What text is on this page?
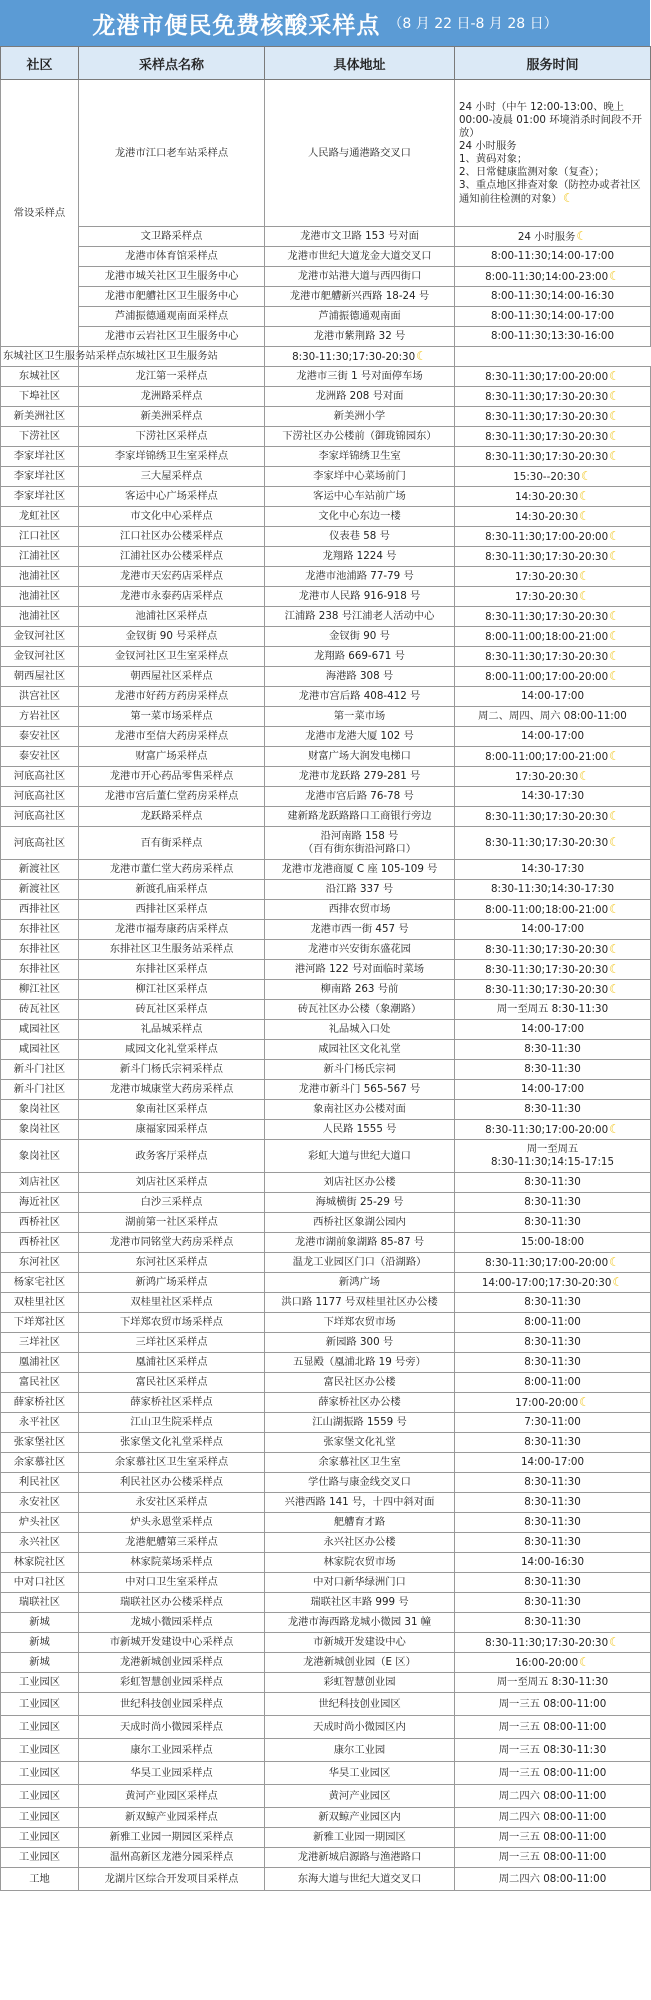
龙港市便民免费核酸采样点 （8 月 22 日-8 月 28 日）
社区	采样点名称	具体地址	服务时间
常设采样点	龙港市江口老车站采样点	人民路与通港路交叉口	24 小时（中午 12:00-13:00、晚上 00:00-凌晨 01:00 环境消杀时间段不开放）
24 小时服务
1、黄码对象；
2、日常健康监测对象（复查）；
3、重点地区排查对象（防控办或者社区通知前往检测的对象）☾
	文卫路采样点	龙港市文卫路 153 号对面	24 小时服务☾
	龙港市体育馆采样点	龙港市世纪大道龙金大道交叉口	8:00-11:30;14:00-17:00
	龙港市城关社区卫生服务中心	龙港市站港大道与西四街口	8:00-11:30;14:00-23:00☾
	龙港市舥艚社区卫生服务中心	龙港市舥艚新兴西路 18-24 号	8:00-11:30;14:00-16:30
	芦浦振德通观南面采样点	芦浦振德通观南面	8:00-11:30;14:00-17:00
	龙港市云岩社区卫生服务中心	龙港市紫荆路 32 号	8:00-11:30;13:30-16:00
东城社区卫生服务站采样点	东城社区卫生服务站	8:30-11:30;17:30-20:30☾	
东城社区	龙江第一采样点	龙港市三街 1 号对面停车场	8:30-11:30;17:00-20:00☾
下埠社区	龙洲路采样点	龙洲路 208 号对面	8:30-11:30;17:30-20:30☾
新美洲社区	新美洲采样点	新美洲小学	8:30-11:30;17:30-20:30☾
下涝社区	下涝社区采样点	下涝社区办公楼前（御珑锦园东）	8:30-11:30;17:30-20:30☾
李家垟社区	李家垟锦绣卫生室采样点	李家垟锦绣卫生室	8:30-11:30;17:30-20:30☾
李家垟社区	三大屋采样点	李家垟中心菜场前门	15:30--20:30☾
李家垟社区	客运中心广场采样点	客运中心车站前广场	14:30-20:30☾
龙虹社区	市文化中心采样点	文化中心东边一楼	14:30-20:30☾
江口社区	江口社区办公楼采样点	仪表巷 58 号	8:30-11:30;17:00-20:00☾
江浦社区	江浦社区办公楼采样点	龙翔路 1224 号	8:30-11:30;17:30-20:30☾
池浦社区	龙港市天宏药店采样点	龙港市池浦路 77-79 号	17:30-20:30☾
池浦社区	龙港市永泰药店采样点	龙港市人民路 916-918 号	17:30-20:30☾
池浦社区	池浦社区采样点	江浦路 238 号江浦老人活动中心	8:30-11:30;17:30-20:30☾
金钗河社区	金钗街 90 号采样点	金钗街 90 号	8:00-11:00;18:00-21:00☾
金钗河社区	金钗河社区卫生室采样点	龙翔路 669-671 号	8:30-11:30;17:30-20:30☾
朝西屋社区	朝西屋社区采样点	海港路 308 号	8:00-11:00;17:00-20:00☾
洪宫社区	龙港市好药方药房采样点	龙港市宫后路 408-412 号	14:00-17:00
方岩社区	第一菜市场采样点	第一菜市场	周二、周四、周六 08:00-11:00
泰安社区	龙港市至信大药房采样点	龙港市龙港大厦 102 号	14:00-17:00
泰安社区	财富广场采样点	财富广场大润发电梯口	8:00-11:00;17:00-21:00☾
河底高社区	龙港市开心药品零售采样点	龙港市龙跃路 279-281 号	17:30-20:30☾
河底高社区	龙港市宫后董仁堂药房采样点	龙港市宫后路 76-78 号	14:30-17:30
河底高社区	龙跃路采样点	建新路龙跃路路口工商银行旁边	8:30-11:30;17:30-20:30☾
河底高社区	百有街采样点	沿河南路 158 号
（百有街东街沿河路口）	8:30-11:30;17:30-20:30☾
新渡社区	龙港市董仁堂大药房采样点	龙港市龙港商厦 C 座 105-109 号	14:30-17:30
新渡社区	新渡孔庙采样点	沿江路 337 号	8:30-11:30;14:30-17:30
西排社区	西排社区采样点	西排农贸市场	8:00-11:00;18:00-21:00☾
东排社区	龙港市福寿康药店采样点	龙港市西一街 457 号	14:00-17:00
东排社区	东排社区卫生服务站采样点	龙港市兴安街东盛花园	8:30-11:30;17:30-20:30☾
东排社区	东排社区采样点	港河路 122 号对面临时菜场	8:30-11:30;17:30-20:30☾
柳江社区	柳江社区采样点	柳南路 263 号前	8:30-11:30;17:30-20:30☾
砖瓦社区	砖瓦社区采样点	砖瓦社区办公楼（象潮路）	周一至周五 8:30-11:30
咸园社区	礼品城采样点	礼品城入口处	14:00-17:00
咸园社区	咸园文化礼堂采样点	咸园社区文化礼堂	8:30-11:30
新斗门社区	新斗门杨氏宗祠采样点	新斗门杨氏宗祠	8:30-11:30
新斗门社区	龙港市城康堂大药房采样点	龙港市新斗门 565-567 号	14:00-17:00
象岗社区	象南社区采样点	象南社区办公楼对面	8:30-11:30
象岗社区	康福家园采样点	人民路 1555 号	8:30-11:30;17:00-20:00☾
象岗社区	政务客厅采样点	彩虹大道与世纪大道口	周一至周五
8:30-11:30;14:15-17:15
刘店社区	刘店社区采样点	刘店社区办公楼	8:30-11:30
海近社区	白沙三采样点	海城横街 25-29 号	8:30-11:30
西桥社区	湖前第一社区采样点	西桥社区象湖公园内	8:30-11:30
西桥社区	龙港市同铭堂大药房采样点	龙港市湖前象湖路 85-87 号	15:00-18:00
东河社区	东河社区采样点	温龙工业园区门口（沿湖路）	8:30-11:30;17:00-20:00☾
杨家宅社区	新鸿广场采样点	新鸿广场	14:00-17:00;17:30-20:30☾
双桂里社区	双桂里社区采样点	洪口路 1177 号双桂里社区办公楼	8:30-11:30
下垟郑社区	下垟郑农贸市场采样点	下垟郑农贸市场	8:00-11:00
三垟社区	三垟社区采样点	新园路 300 号	8:30-11:30
凰浦社区	凰浦社区采样点	五显殿（凰浦北路 19 号旁）	8:30-11:30
富民社区	富民社区采样点	富民社区办公楼	8:00-11:00
薛家桥社区	薛家桥社区采样点	薛家桥社区办公楼	17:00-20:00☾
永平社区	江山卫生院采样点	江山湖振路 1559 号	7:30-11:00
张家堡社区	张家堡文化礼堂采样点	张家堡文化礼堂	8:30-11:30
余家慕社区	余家慕社区卫生室采样点	余家慕社区卫生室	14:00-17:00
利民社区	利民社区办公楼采样点	学仕路与康金线交叉口	8:30-11:30
永安社区	永安社区采样点	兴港西路 141 号，十四中斜对面	8:30-11:30
炉头社区	炉头永恩堂采样点	舥艚育才路	8:30-11:30
永兴社区	龙港舥艚第三采样点	永兴社区办公楼	8:30-11:30
林家院社区	林家院菜场采样点	林家院农贸市场	14:00-16:30
中对口社区	中对口卫生室采样点	中对口新华绿洲门口	8:30-11:30
瑞联社区	瑞联社区办公楼采样点	瑞联社区丰路 999 号	8:30-11:30
新城	龙城小微园采样点	龙港市海西路龙城小微园 31 幢	8:30-11:30
新城	市新城开发建设中心采样点	市新城开发建设中心	8:30-11:30;17:30-20:30☾
新城	龙港新城创业园采样点	龙港新城创业园（E 区）	16:00-20:00☾
工业园区	彩虹智慧创业园采样点	彩虹智慧创业园	周一至周五 8:30-11:30
工业园区	世纪科技创业园采样点	世纪科技创业园区	周一三五 08:00-11:00
工业园区	天成时尚小微园采样点	天成时尚小微园区内	周一三五 08:00-11:00
工业园区	康尔工业园采样点	康尔工业园	周一三五 08:30-11:30
工业园区	华昊工业园采样点	华昊工业园区	周一三五 08:00-11:00
工业园区	黄河产业园区采样点	黄河产业园区	周二四六 08:00-11:00
工业园区	新双鲸产业园采样点	新双鲸产业园区内	周二四六 08:00-11:00
工业园区	新雅工业园一期园区采样点	新雅工业园一期园区	周一三五 08:00-11:00
工业园区	温州高新区龙港分园采样点	龙港新城启源路与渔港路口	周一三五 08:00-11:00
工地	龙湖片区综合开发项目采样点	东海大道与世纪大道交叉口	周二四六 08:00-11:00
